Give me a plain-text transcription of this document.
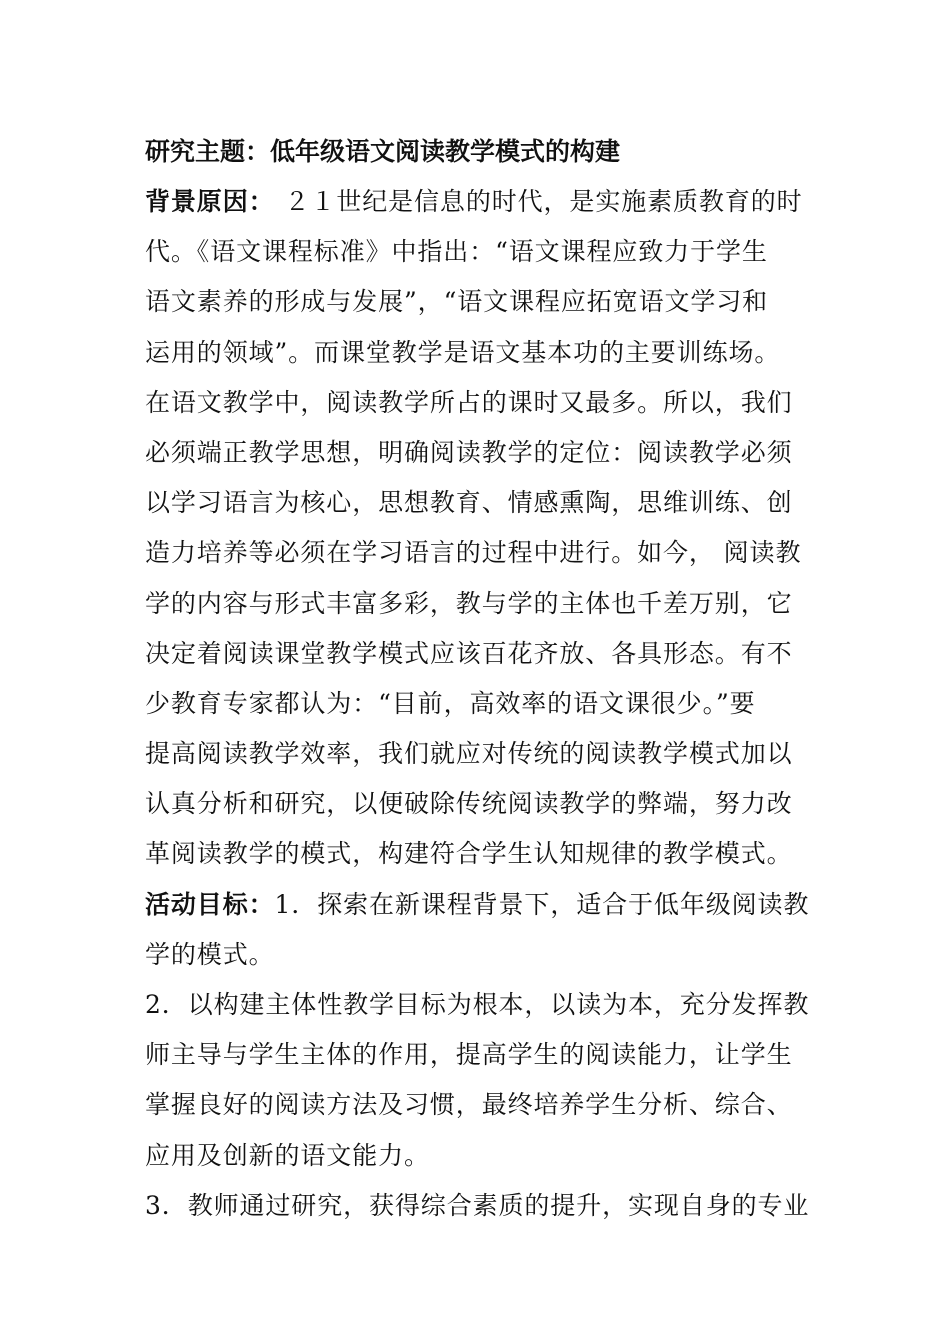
研究主题：低年级语文阅读教学模式的构建
背景原因： ２１世纪是信息的时代，是实施素质教育的时
代。《语文课程标准》中指出：“语文课程应致力于学生
语文素养的形成与发展”，“语文课程应拓宽语文学习和
运用的领域”。而课堂教学是语文基本功的主要训练场。
在语文教学中，阅读教学所占的课时又最多。所以，我们
必须端正教学思想，明确阅读教学的定位：阅读教学必须
以学习语言为核心，思想教育、情感熏陶，思维训练、创
造力培养等必须在学习语言的过程中进行。如今， 阅读教
学的内容与形式丰富多彩，教与学的主体也千差万别，它
决定着阅读课堂教学模式应该百花齐放、各具形态。有不
少教育专家都认为：“目前，高效率的语文课很少。”要
提高阅读教学效率，我们就应对传统的阅读教学模式加以
认真分析和研究，以便破除传统阅读教学的弊端，努力改
革阅读教学的模式，构建符合学生认知规律的教学模式。
活动目标：1．探索在新课程背景下，适合于低年级阅读教
学的模式。
2．以构建主体性教学目标为根本，以读为本，充分发挥教
师主导与学生主体的作用，提高学生的阅读能力，让学生
掌握良好的阅读方法及习惯，最终培养学生分析、综合、
应用及创新的语文能力。
3．教师通过研究，获得综合素质的提升，实现自身的专业
